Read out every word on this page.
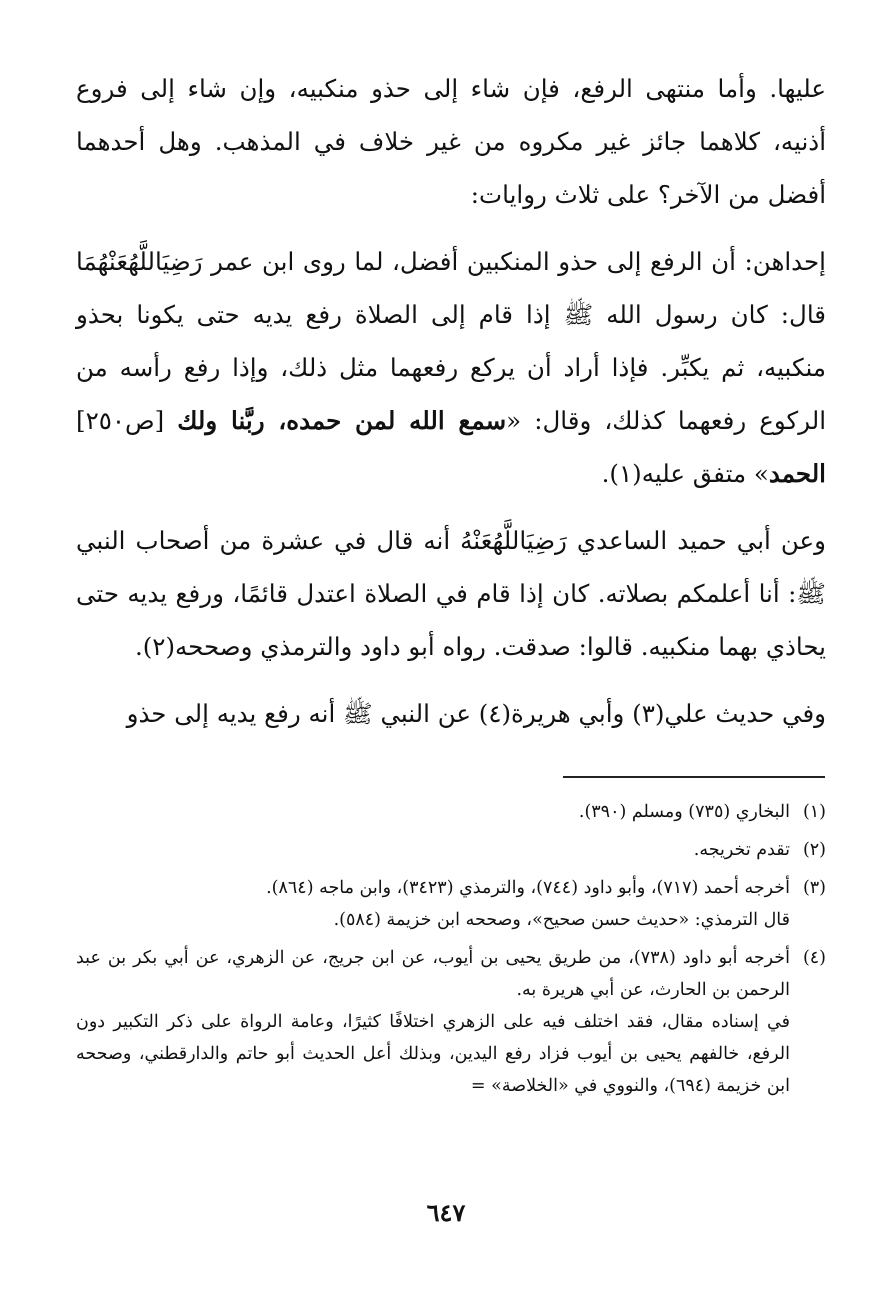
عليها. وأما منتهى الرفع، فإن شاء إلى حذو منكبيه، وإن شاء إلى فروع أذنيه، كلاهما جائز غير مكروه من غير خلاف في المذهب. وهل أحدهما أفضل من الآخر؟ على ثلاث روايات:

إحداهن: أن الرفع إلى حذو المنكبين أفضل، لما روى ابن عمر رَضِيَاللَّهُعَنْهُمَا قال: كان رسول الله ﷺ إذا قام إلى الصلاة رفع يديه حتى يكونا بحذو منكبيه، ثم يكبِّر. فإذا أراد أن يركع رفعهما مثل ذلك، وإذا رفع رأسه من الركوع رفعهما كذلك، وقال: «سمع الله لمن حمده، ربَّنا ولك [ص٢٥٠] الحمد» متفق عليه(١).

وعن أبي حميد الساعدي رَضِيَاللَّهُعَنْهُ أنه قال في عشرة من أصحاب النبي ﷺ: أنا أعلمكم بصلاته. كان إذا قام في الصلاة اعتدل قائمًا، ورفع يديه حتى يحاذي بهما منكبيه. قالوا: صدقت. رواه أبو داود والترمذي وصححه(٢).

وفي حديث علي(٣) وأبي هريرة(٤) عن النبي ﷺ أنه رفع يديه إلى حذو

(١)
البخاري (٧٣٥) ومسلم (٣٩٠).
(٢)
تقدم تخريجه.
(٣)
أخرجه أحمد (٧١٧)، وأبو داود (٧٤٤)، والترمذي (٣٤٢٣)، وابن ماجه (٨٦٤).
قال الترمذي: «حديث حسن صحيح»، وصححه ابن خزيمة (٥٨٤).
(٤)
أخرجه أبو داود (٧٣٨)، من طريق يحيى بن أيوب، عن ابن جريج، عن الزهري، عن أبي بكر بن عبد الرحمن بن الحارث، عن أبي هريرة به.
في إسناده مقال، فقد اختلف فيه على الزهري اختلافًا كثيرًا، وعامة الرواة على ذكر التكبير دون الرفع، خالفهم يحيى بن أيوب فزاد رفع اليدين، وبذلك أعل الحديث أبو حاتم والدارقطني، وصححه ابن خزيمة (٦٩٤)، والنووي في «الخلاصة» =
٦٤٧
